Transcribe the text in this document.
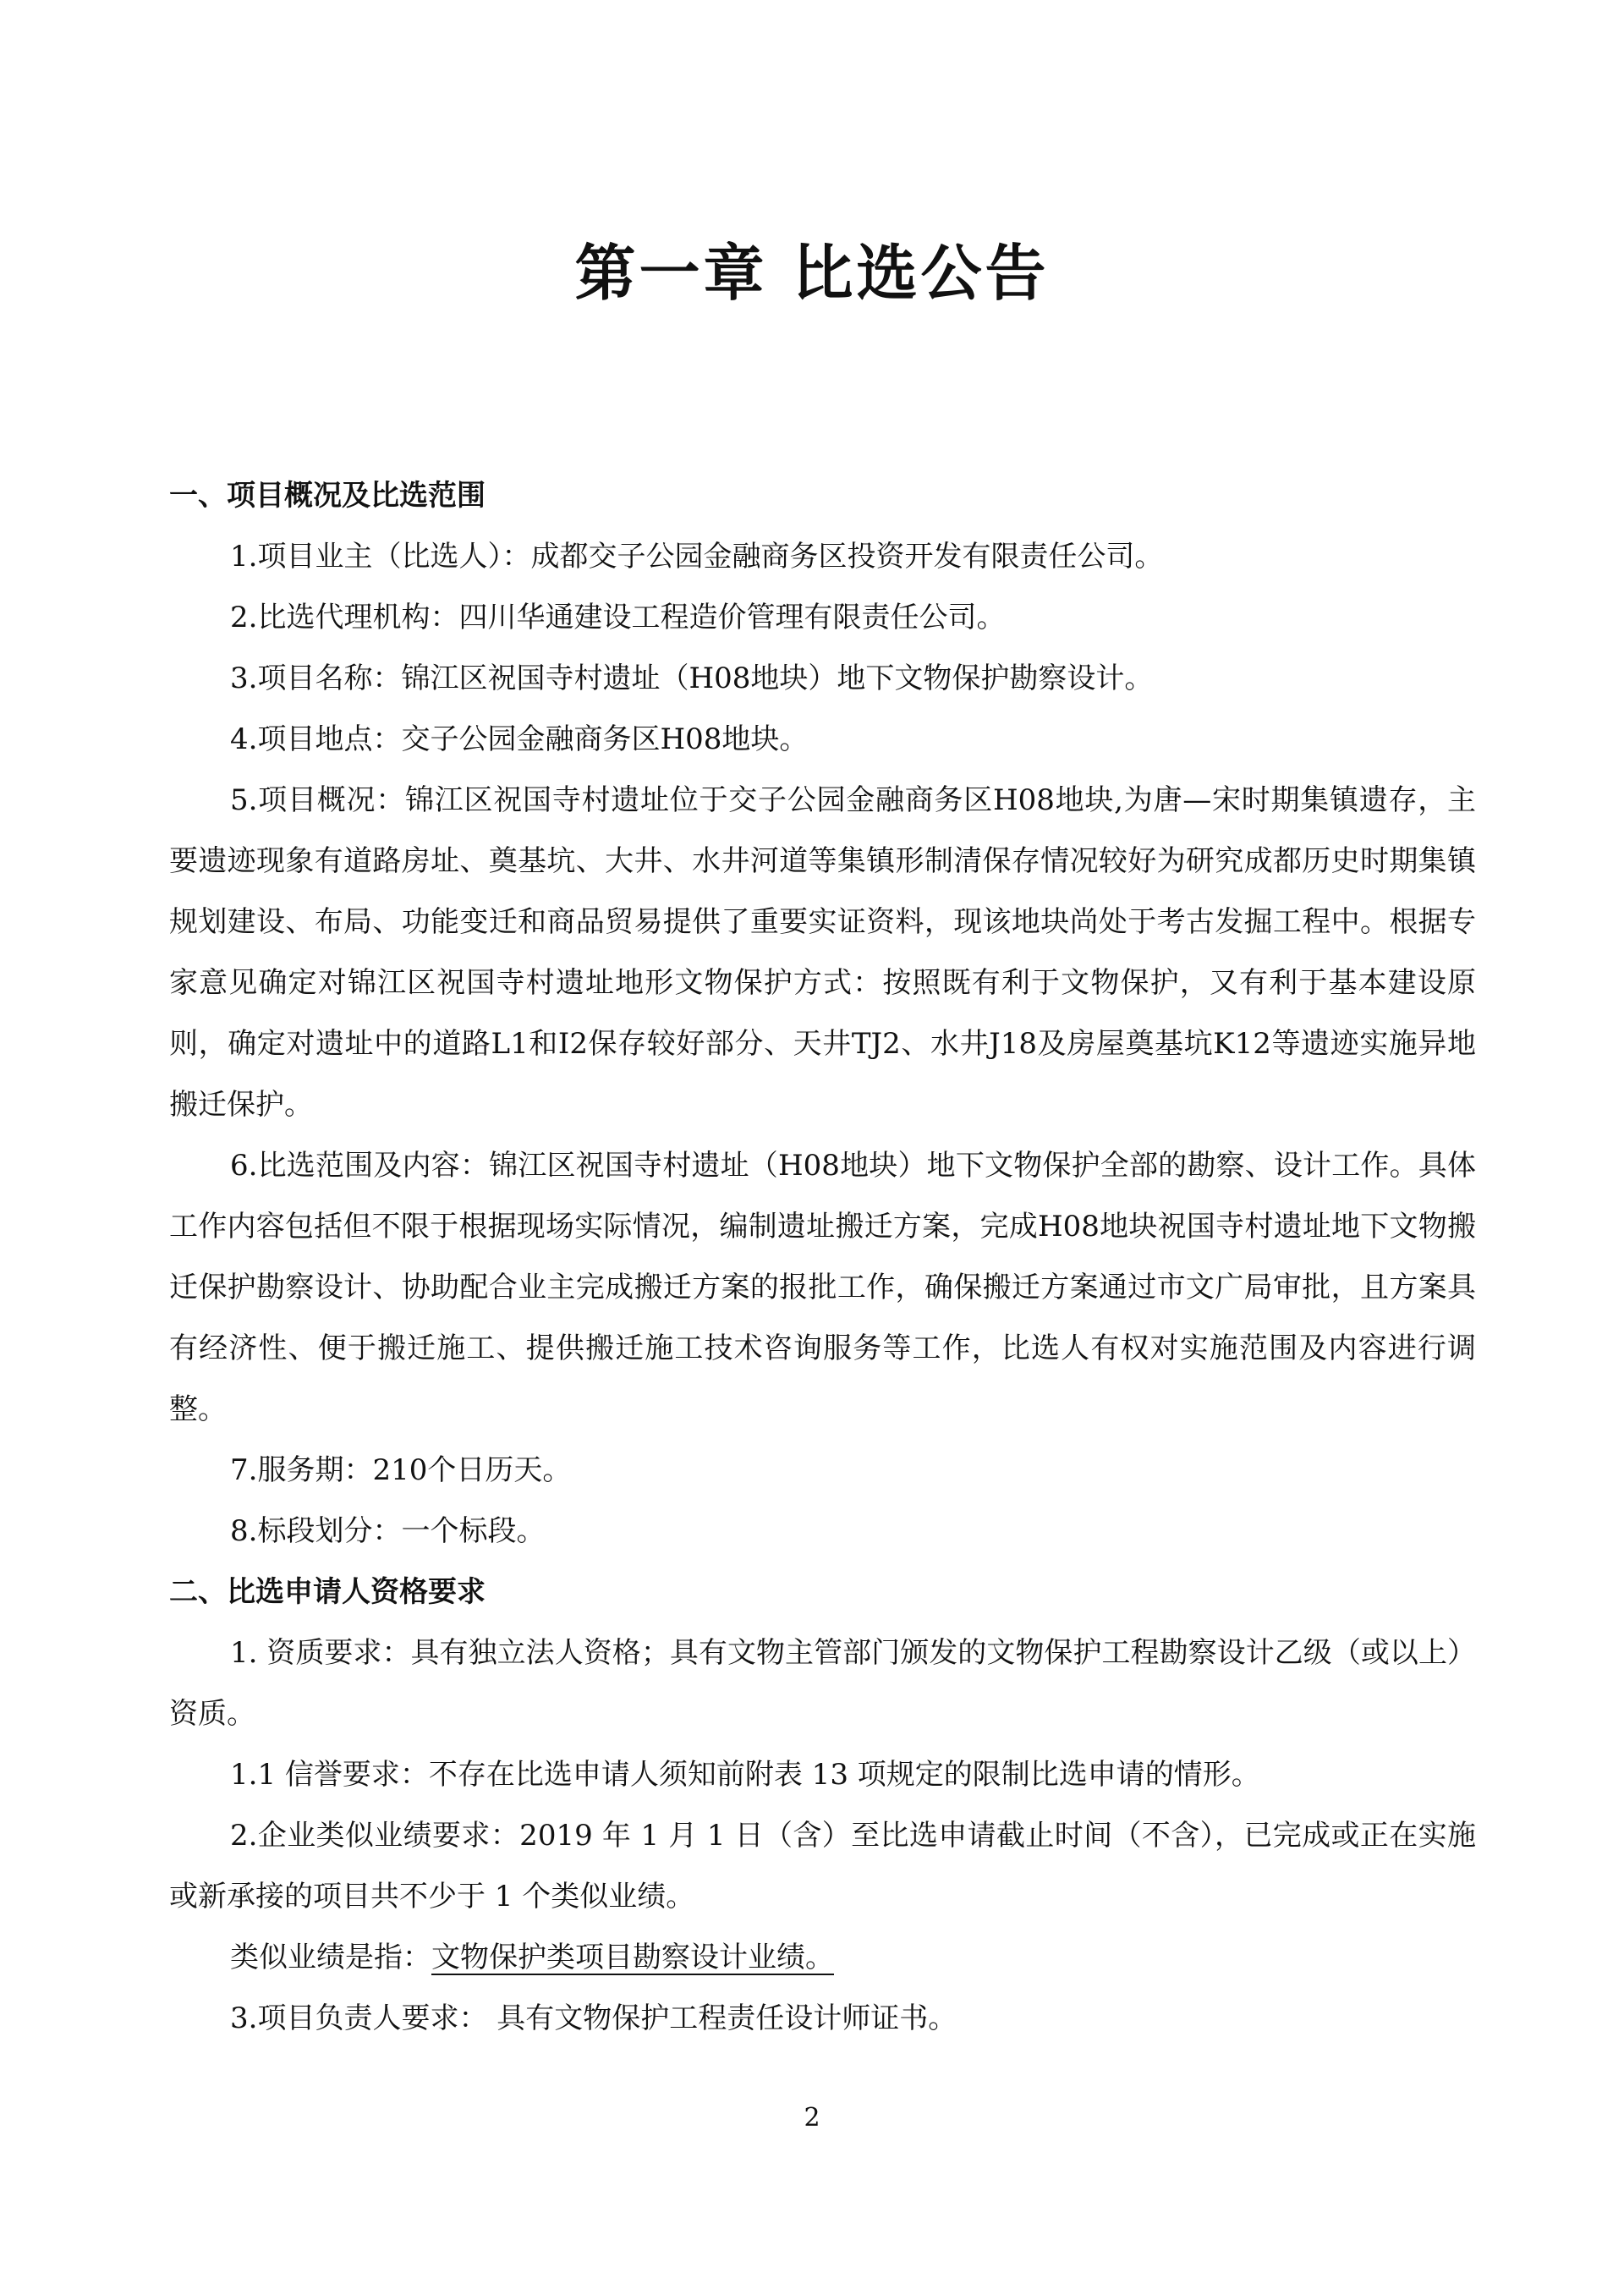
第一章 比选公告

一、项目概况及比选范围

1.项目业主（比选人）：成都交子公园金融商务区投资开发有限责任公司。

2.比选代理机构：四川华通建设工程造价管理有限责任公司。

3.项目名称：锦江区祝国寺村遗址（H08地块）地下文物保护勘察设计。

4.项目地点：交子公园金融商务区H08地块。

5.项目概况：锦江区祝国寺村遗址位于交子公园金融商务区H08地块,为唐—宋时期集镇遗存，主要遗迹现象有道路房址、奠基坑、大井、水井河道等集镇形制清保存情况较好为研究成都历史时期集镇规划建设、布局、功能变迁和商品贸易提供了重要实证资料，现该地块尚处于考古发掘工程中。根据专家意见确定对锦江区祝国寺村遗址地形文物保护方式：按照既有利于文物保护，又有利于基本建设原则，确定对遗址中的道路L1和I2保存较好部分、天井TJ2、水井J18及房屋奠基坑K12等遗迹实施异地搬迁保护。

6.比选范围及内容：锦江区祝国寺村遗址（H08地块）地下文物保护全部的勘察、设计工作。具体工作内容包括但不限于根据现场实际情况，编制遗址搬迁方案，完成H08地块祝国寺村遗址地下文物搬迁保护勘察设计、协助配合业主完成搬迁方案的报批工作，确保搬迁方案通过市文广局审批，且方案具有经济性、便于搬迁施工、提供搬迁施工技术咨询服务等工作，比选人有权对实施范围及内容进行调整。

7.服务期：210个日历天。

8.标段划分：一个标段。

二、比选申请人资格要求

1. 资质要求：具有独立法人资格；具有文物主管部门颁发的文物保护工程勘察设计乙级（或以上）资质。

1.1 信誉要求：不存在比选申请人须知前附表 13 项规定的限制比选申请的情形。

2.企业类似业绩要求：2019 年 1 月 1 日（含）至比选申请截止时间（不含），已完成或正在实施或新承接的项目共不少于 1 个类似业绩。

类似业绩是指：文物保护类项目勘察设计业绩。

3.项目负责人要求： 具有文物保护工程责任设计师证书。

2
